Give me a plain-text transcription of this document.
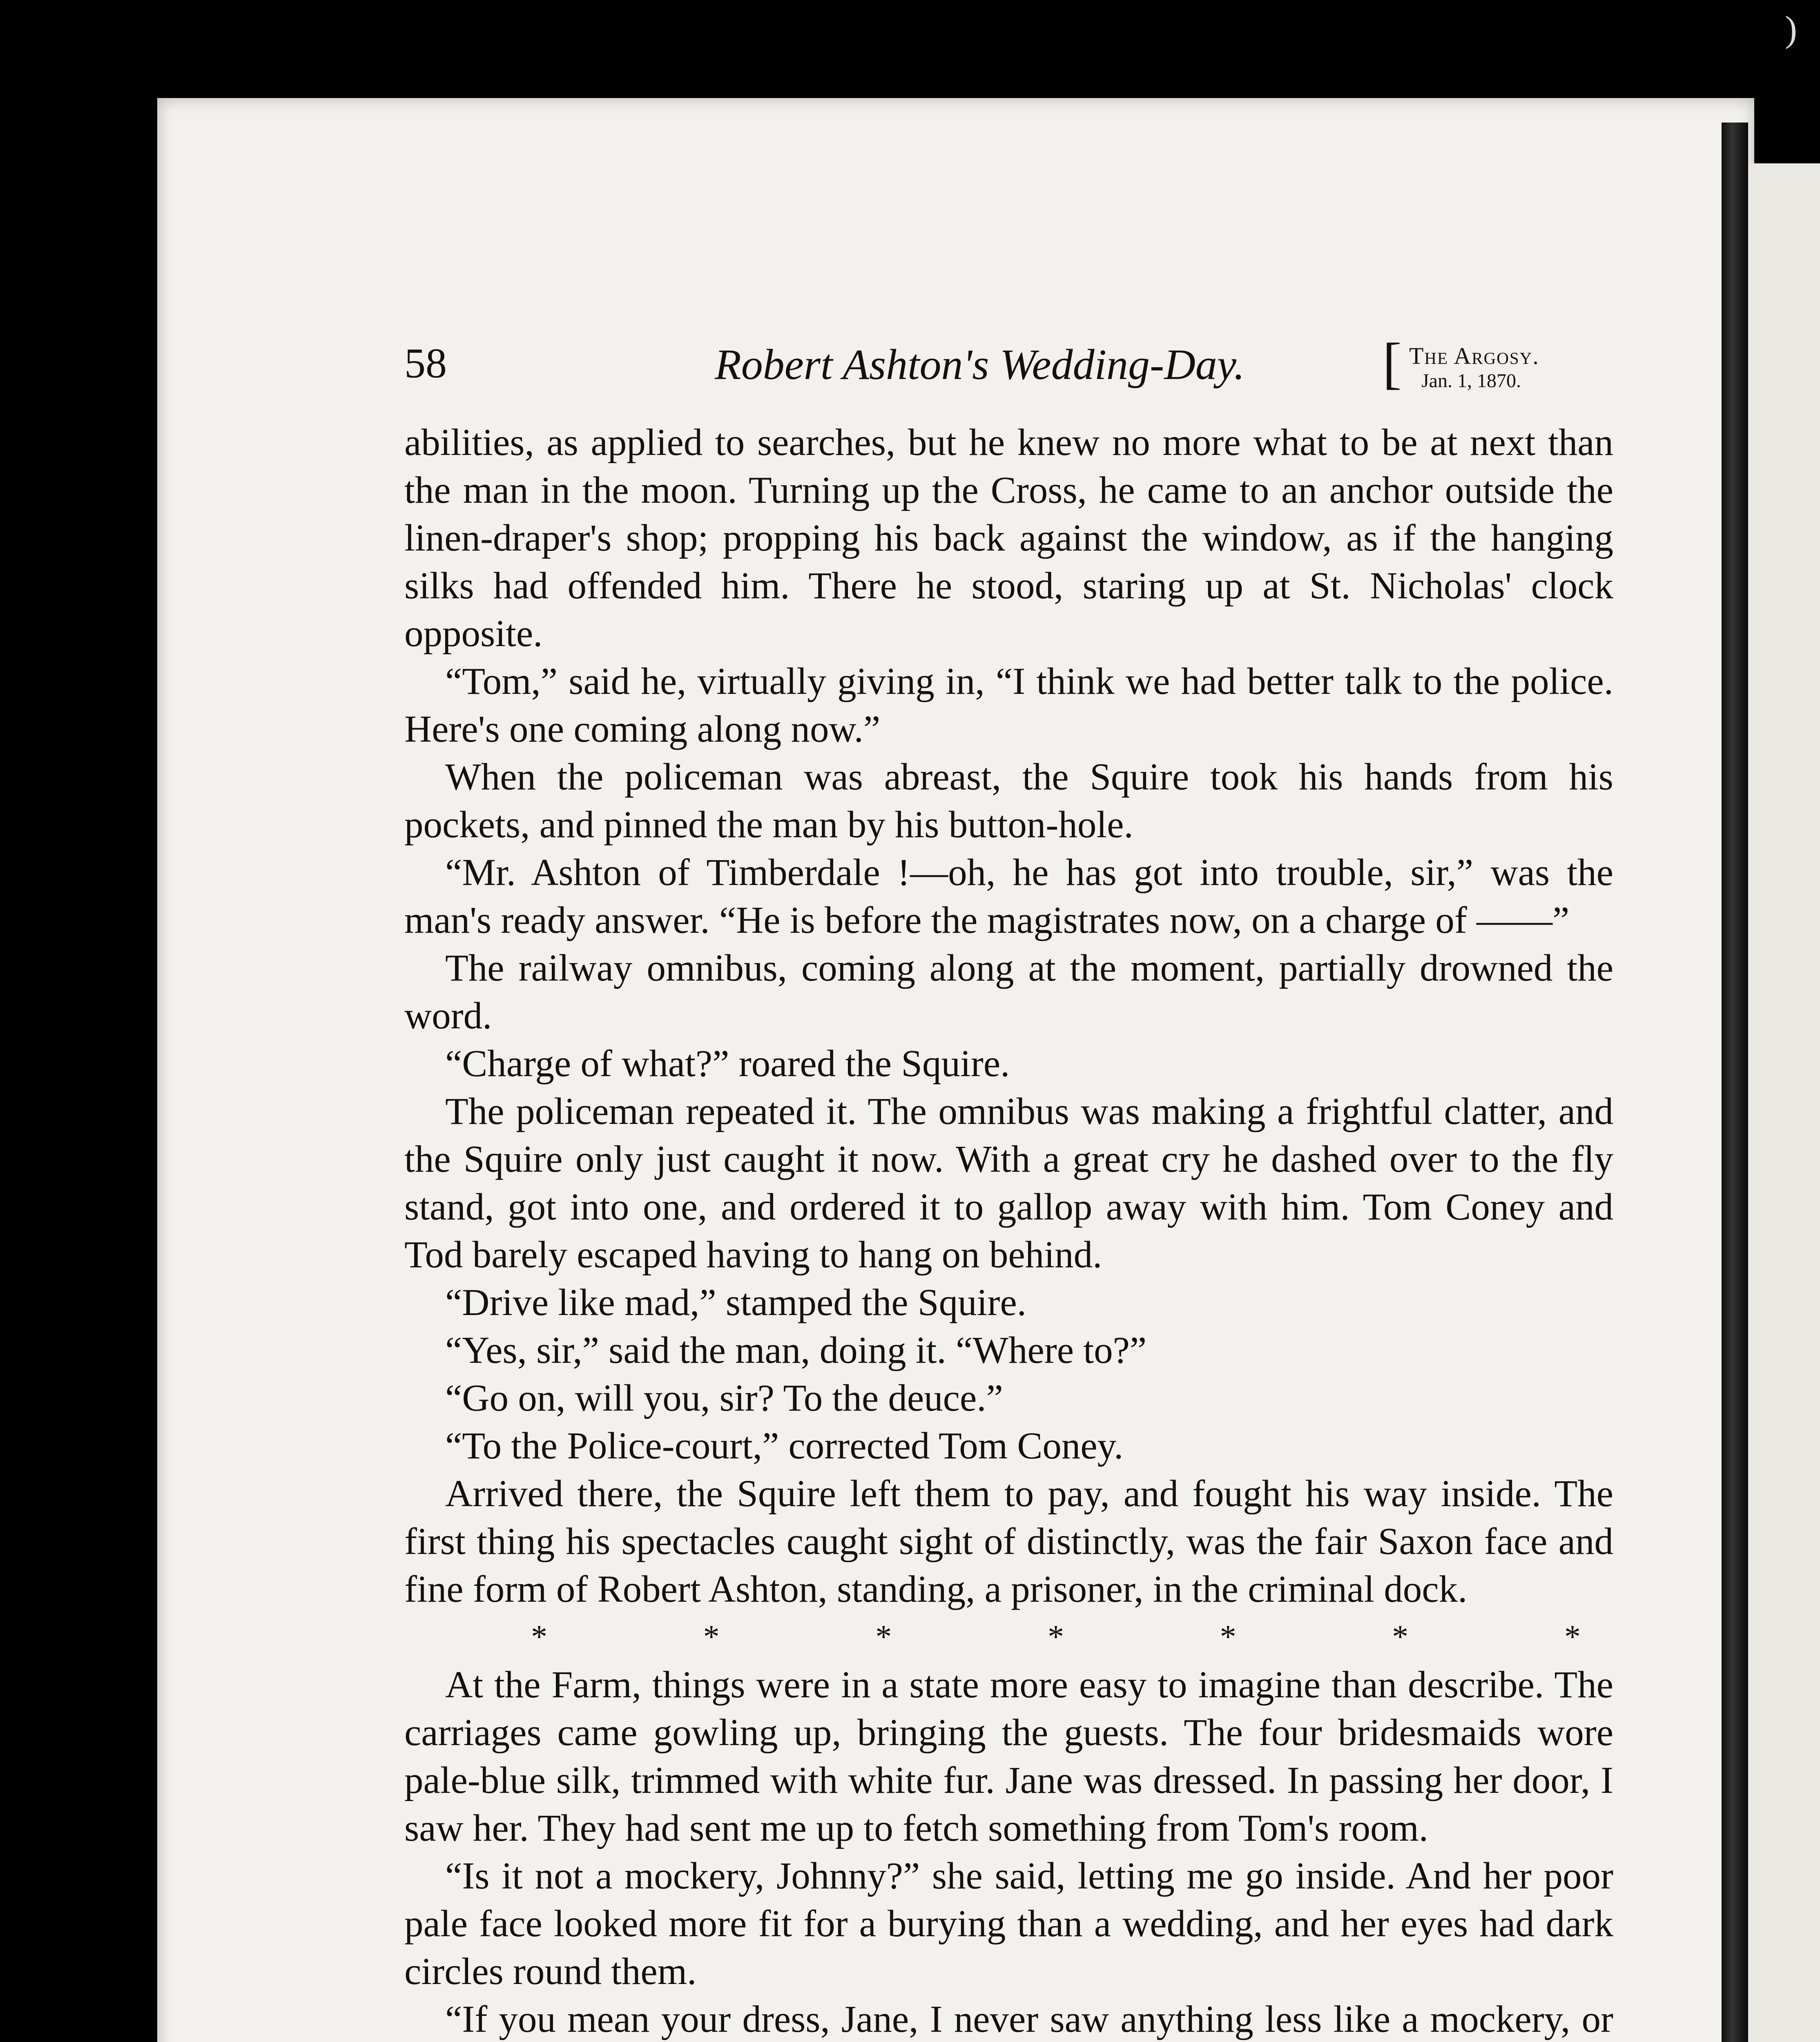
)
58	Robert Ashton's Wedding-Day. [ The Argosy.
Jan. 1, 1870.

abilities, as applied to searches, but he knew no more what to be at next than the man in the moon. Turning up the Cross, he came to an anchor outside the linen-draper's shop; propping his back against the window, as if the hanging silks had offended him. There he stood, staring up at St. Nicholas' clock opposite.

“Tom,” said he, virtually giving in, “I think we had better talk to the police. Here's one coming along now.”

When the policeman was abreast, the Squire took his hands from his pockets, and pinned the man by his button-hole.

“Mr. Ashton of Timberdale !—oh, he has got into trouble, sir,” was the man's ready answer. “He is before the magistrates now, on a charge of ——”

The railway omnibus, coming along at the moment, partially drowned the word.

“Charge of what?” roared the Squire.

The policeman repeated it. The omnibus was making a frightful clatter, and the Squire only just caught it now. With a great cry he dashed over to the fly stand, got into one, and ordered it to gallop away with him. Tom Coney and Tod barely escaped having to hang on behind.

“Drive like mad,” stamped the Squire.

“Yes, sir,” said the man, doing it. “Where to?”

“Go on, will you, sir? To the deuce.”

“To the Police-court,” corrected Tom Coney.

Arrived there, the Squire left them to pay, and fought his way inside. The first thing his spectacles caught sight of distinctly, was the fair Saxon face and fine form of Robert Ashton, standing, a prisoner, in the criminal dock.

*	*	*	*	*	*	*

At the Farm, things were in a state more easy to imagine than describe. The carriages came gowling up, bringing the guests. The four bridesmaids wore pale-blue silk, trimmed with white fur. Jane was dressed. In passing her door, I saw her. They had sent me up to fetch something from Tom's room.

“Is it not a mockery, Johnny?” she said, letting me go inside. And her poor pale face looked more fit for a burying than a wedding, and her eyes had dark circles round them.

“If you mean your dress, Jane, I never saw anything less like a mockery, or
